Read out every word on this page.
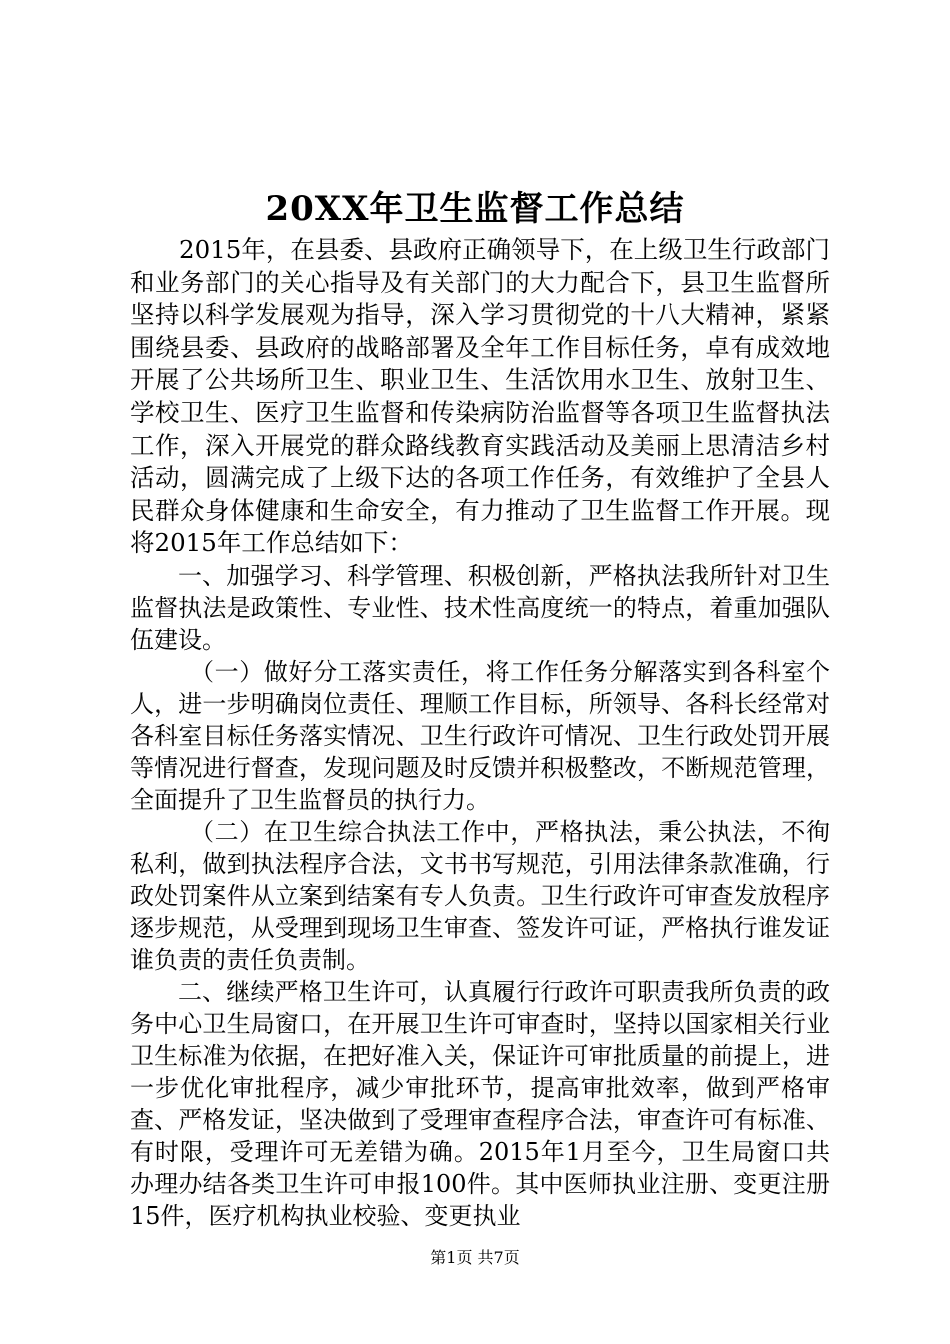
20XX年卫生监督工作总结

2015年，在县委、县政府正确领导下，在上级卫生行政部门和业务部门的关心指导及有关部门的大力配合下，县卫生监督所坚持以科学发展观为指导，深入学习贯彻党的十八大精神，紧紧围绕县委、县政府的战略部署及全年工作目标任务，卓有成效地开展了公共场所卫生、职业卫生、生活饮用水卫生、放射卫生、学校卫生、医疗卫生监督和传染病防治监督等各项卫生监督执法工作，深入开展党的群众路线教育实践活动及美丽上思清洁乡村活动，圆满完成了上级下达的各项工作任务，有效维护了全县人民群众身体健康和生命安全，有力推动了卫生监督工作开展。现将2015年工作总结如下：

一、加强学习、科学管理、积极创新，严格执法我所针对卫生监督执法是政策性、专业性、技术性高度统一的特点，着重加强队伍建设。

（一）做好分工落实责任，将工作任务分解落实到各科室个人，进一步明确岗位责任、理顺工作目标，所领导、各科长经常对各科室目标任务落实情况、卫生行政许可情况、卫生行政处罚开展等情况进行督查，发现问题及时反馈并积极整改，不断规范管理，全面提升了卫生监督员的执行力。

（二）在卫生综合执法工作中，严格执法，秉公执法，不徇私利，做到执法程序合法，文书书写规范，引用法律条款准确，行政处罚案件从立案到结案有专人负责。卫生行政许可审查发放程序逐步规范，从受理到现场卫生审查、签发许可证，严格执行谁发证谁负责的责任负责制。

二、继续严格卫生许可，认真履行行政许可职责我所负责的政务中心卫生局窗口，在开展卫生许可审查时，坚持以国家相关行业卫生标准为依据，在把好准入关，保证许可审批质量的前提上，进一步优化审批程序，减少审批环节，提高审批效率，做到严格审查、严格发证，坚决做到了受理审查程序合法，审查许可有标准、有时限，受理许可无差错为确。2015年1月至今，卫生局窗口共办理办结各类卫生许可申报100件。其中医师执业注册、变更注册15件，医疗机构执业校验、变更执业

第1页 共7页
